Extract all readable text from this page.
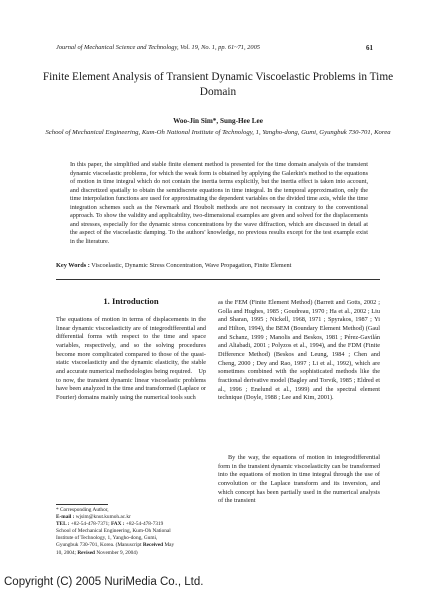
Journal of Mechanical Science and Technology, Vol. 19, No. 1, pp. 61~71, 2005	61
Finite Element Analysis of Transient Dynamic Viscoelastic Problems in Time Domain
Woo-Jin Sim*, Sung-Hee Lee
School of Mechanical Engineering, Kum-Oh National Institute of Technology, 1, Yangho-dong, Gumi, Gyungbuk 730-701, Korea

In this paper, the simplified and stable finite element method is presented for the time domain analysis of the transient dynamic viscoelastic problems, for which the weak form is obtained by applying the Galerkin's method to the equations of motion in time integral which do not contain the inertia terms explicitly, but the inertia effect is taken into account, and discretized spatially to obtain the semidiscrete equations in time integral. In the temporal approximation, only the time interpolation functions are used for approximating the dependent variables on the divided time axis, while the time integration schemes such as the Newmark and Houbolt methods are not necessary in contrary to the conventional approach. To show the validity and applicability, two-dimensional examples are given and solved for the displacements and stresses, especially for the dynamic stress concentrations by the wave diffraction, which are discussed in detail at the aspect of the viscoelastic damping. To the authors' knowledge, no previous results except for the test example exist in the literature.

Key Words : Viscoelastic, Dynamic Stress Concentration, Wave Propagation, Finite Element
1. Introduction

The equations of motion in terms of displacements in the linear dynamic viscoelasticity are of integrodifferential and differential forms with respect to the time and space variables, respectively, and so the solving procedures become more complicated compared to those of the quasi-static viscoelasticity and the dynamic elasticity, the stable and accurate numerical methodologies being required. Up to now, the transient dynamic linear viscoelastic problems have been analyzed in the time and transformed (Laplace or Fourier) domains mainly using the numerical tools such

as the FEM (Finite Element Method) (Barrett and Gotts, 2002 ; Golla and Hughes, 1985 ; Goudreau, 1970 ; Ha et al., 2002 ; Liu and Sharan, 1995 ; Nickell, 1968, 1971 ; Spyrakos, 1987 ; Yi and Hilton, 1994), the BEM (Boundary Element Method) (Gaul and Schanz, 1999 ; Manolis and Beskos, 1981 ; Pérez-Gavilán and Aliabadi, 2001 ; Polyzos et al., 1994), and the FDM (Finite Difference Method) (Beskos and Leung, 1984 ; Chen and Cheng, 2000 ; Dey and Rao, 1997 ; Li et al., 1992), which are sometimes combined with the sophisticated methods like the fractional derivative model (Bagley and Torvik, 1985 ; Eldred et al., 1996 ; Enelund et al., 1999) and the spectral element technique (Doyle, 1988 ; Lee and Kim, 2001).

By the way, the equations of motion in integrodifferential form in the transient dynamic viscoelasticity can be transformed into the equations of motion in time integral through the use of convolution or the Laplace transform and its inversion, and which concept has been partially used in the numerical analysis of the transient

* Corresponding Author,
E-mail : wjsim@knut.kumoh.ac.kr
TEL : +82-54-478-7371; FAX : +82-54-478-7319
School of Mechanical Engineering, Kum-Oh National
Institute of Technology, 1, Yangho-dong, Gumi,
Gyungbuk 730-701, Korea. (Manuscript Received May
10, 2004; Revised November 9, 2004)
Copyright (C) 2005 NuriMedia Co., Ltd.
